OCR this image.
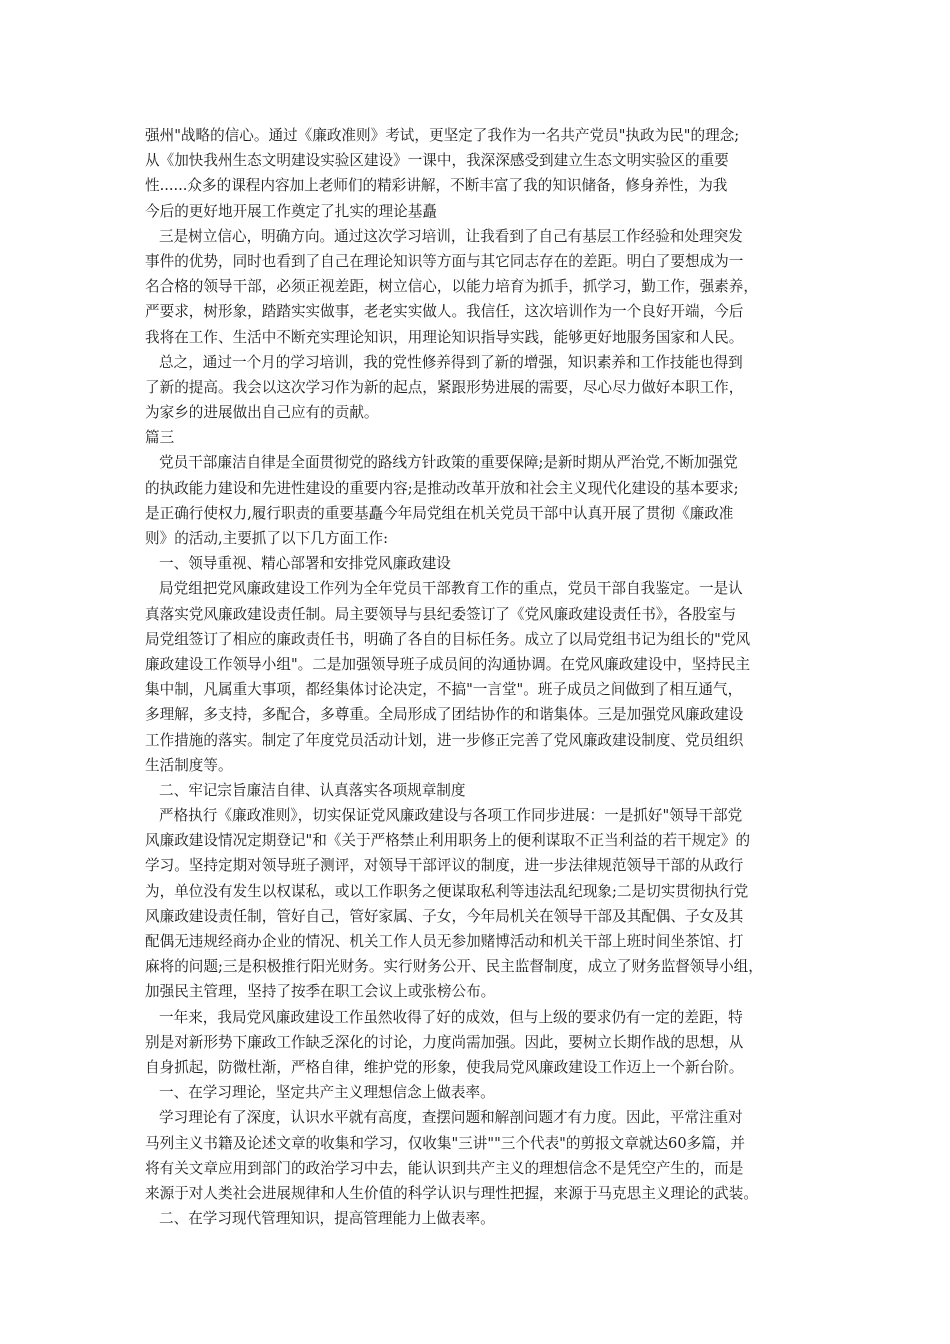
强州"战略的信心。通过《廉政准则》考试，更坚定了我作为一名共产党员"执政为民"的理念;
从《加快我州生态文明建设实验区建设》一课中，我深深感受到建立生态文明实验区的重要
性......众多的课程内容加上老师们的精彩讲解，不断丰富了我的知识储备，修身养性，为我
今后的更好地开展工作奠定了扎实的理论基矗
三是树立信心，明确方向。通过这次学习培训，让我看到了自己有基层工作经验和处理突发
事件的优势，同时也看到了自己在理论知识等方面与其它同志存在的差距。明白了要想成为一
名合格的领导干部，必须正视差距，树立信心，以能力培育为抓手，抓学习，勤工作，强素养，
严要求，树形象，踏踏实实做事，老老实实做人。我信任，这次培训作为一个良好开端，今后
我将在工作、生活中不断充实理论知识，用理论知识指导实践，能够更好地服务国家和人民。
总之，通过一个月的学习培训，我的党性修养得到了新的增强，知识素养和工作技能也得到
了新的提高。我会以这次学习作为新的起点，紧跟形势进展的需要，尽心尽力做好本职工作，
为家乡的进展做出自己应有的贡献。
篇三
党员干部廉洁自律是全面贯彻党的路线方针政策的重要保障;是新时期从严治党,不断加强党
的执政能力建设和先进性建设的重要内容;是推动改革开放和社会主义现代化建设的基本要求;
是正确行使权力,履行职责的重要基矗今年局党组在机关党员干部中认真开展了贯彻《廉政准
则》的活动,主要抓了以下几方面工作:
一、领导重视、精心部署和安排党风廉政建设
局党组把党风廉政建设工作列为全年党员干部教育工作的重点，党员干部自我鉴定。一是认
真落实党风廉政建设责任制。局主要领导与县纪委签订了《党风廉政建设责任书》，各股室与
局党组签订了相应的廉政责任书，明确了各自的目标任务。成立了以局党组书记为组长的"党风
廉政建设工作领导小组"。二是加强领导班子成员间的沟通协调。在党风廉政建设中，坚持民主
集中制，凡属重大事项，都经集体讨论决定，不搞"一言堂"。班子成员之间做到了相互通气，
多理解，多支持，多配合，多尊重。全局形成了团结协作的和谐集体。三是加强党风廉政建设
工作措施的落实。制定了年度党员活动计划，进一步修正完善了党风廉政建设制度、党员组织
生活制度等。
二、牢记宗旨廉洁自律、认真落实各项规章制度
严格执行《廉政准则》，切实保证党风廉政建设与各项工作同步进展：一是抓好"领导干部党
风廉政建设情况定期登记"和《关于严格禁止利用职务上的便利谋取不正当利益的若干规定》的
学习。坚持定期对领导班子测评，对领导干部评议的制度，进一步法律规范领导干部的从政行
为，单位没有发生以权谋私，或以工作职务之便谋取私利等违法乱纪现象;二是切实贯彻执行党
风廉政建设责任制，管好自己，管好家属、子女，今年局机关在领导干部及其配偶、子女及其
配偶无违规经商办企业的情况、机关工作人员无参加赌博活动和机关干部上班时间坐茶馆、打
麻将的问题;三是积极推行阳光财务。实行财务公开、民主监督制度，成立了财务监督领导小组，
加强民主管理，坚持了按季在职工会议上或张榜公布。
一年来，我局党风廉政建设工作虽然收得了好的成效，但与上级的要求仍有一定的差距，特
别是对新形势下廉政工作缺乏深化的讨论，力度尚需加强。因此，要树立长期作战的思想，从
自身抓起，防微杜渐，严格自律，维护党的形象，使我局党风廉政建设工作迈上一个新台阶。
一、在学习理论，坚定共产主义理想信念上做表率。
学习理论有了深度，认识水平就有高度，查摆问题和解剖问题才有力度。因此，平常注重对
马列主义书籍及论述文章的收集和学习，仅收集"三讲""三个代表"的剪报文章就达60多篇，并
将有关文章应用到部门的政治学习中去，能认识到共产主义的理想信念不是凭空产生的，而是
来源于对人类社会进展规律和人生价值的科学认识与理性把握，来源于马克思主义理论的武装。
二、在学习现代管理知识，提高管理能力上做表率。
